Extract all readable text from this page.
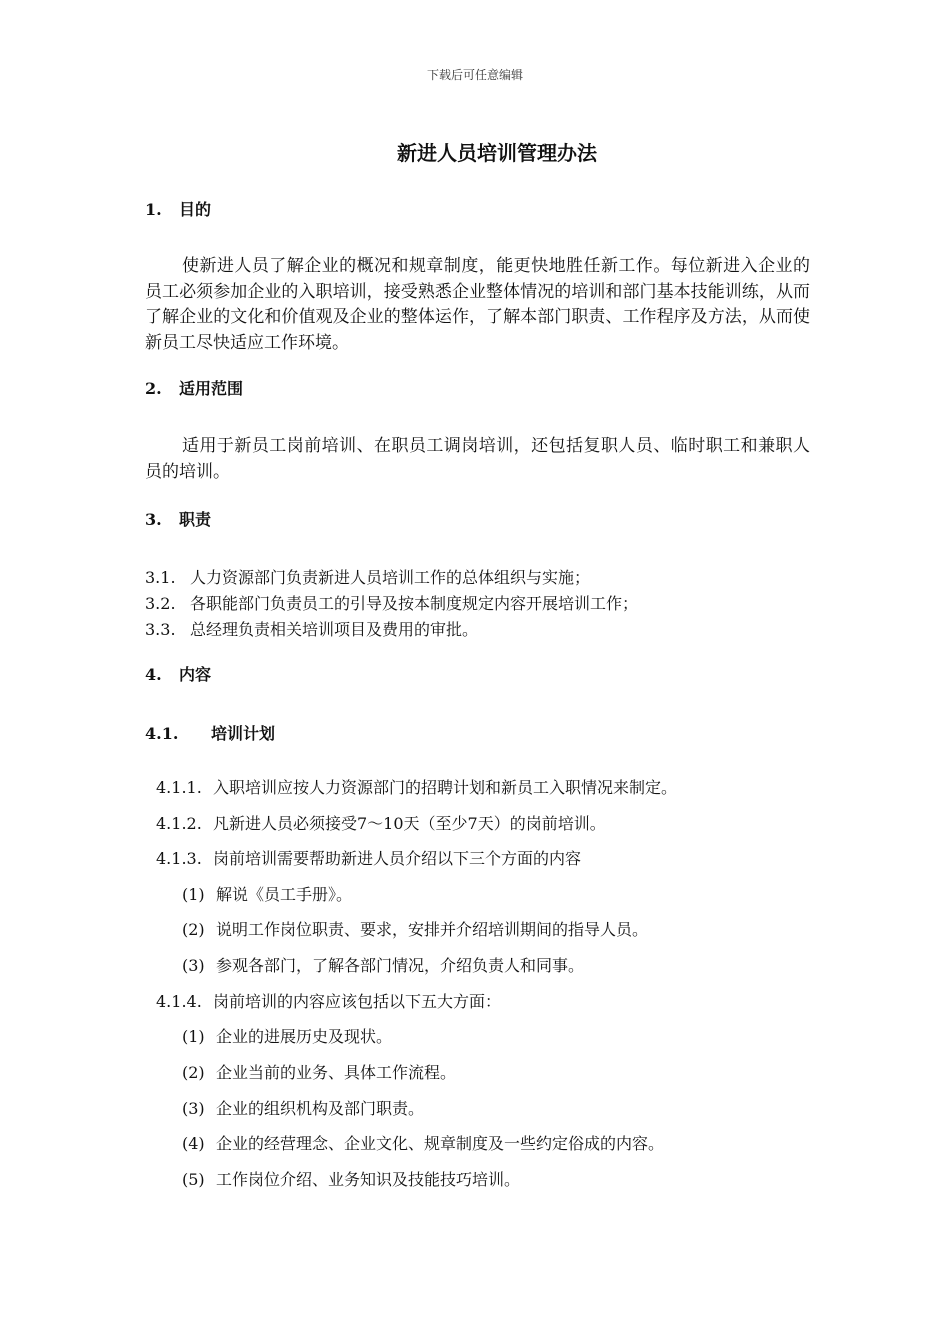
下载后可任意编辑
新进人员培训管理办法
1. 目的
使新进人员了解企业的概况和规章制度，能更快地胜任新工作。每位新进入企业的员工必须参加企业的入职培训，接受熟悉企业整体情况的培训和部门基本技能训练，从而了解企业的文化和价值观及企业的整体运作，了解本部门职责、工作程序及方法，从而使新员工尽快适应工作环境。
2. 适用范围
适用于新员工岗前培训、在职员工调岗培训，还包括复职人员、临时职工和兼职人员的培训。
3. 职责
3.1. 人力资源部门负责新进人员培训工作的总体组织与实施；
3.2. 各职能部门负责员工的引导及按本制度规定内容开展培训工作；
3.3. 总经理负责相关培训项目及费用的审批。
4. 内容
4.1. 培训计划
4.1.1. 入职培训应按人力资源部门的招聘计划和新员工入职情况来制定。
4.1.2. 凡新进人员必须接受7～10天（至少7天）的岗前培训。
4.1.3. 岗前培训需要帮助新进人员介绍以下三个方面的内容
(1) 解说《员工手册》。
(2) 说明工作岗位职责、要求，安排并介绍培训期间的指导人员。
(3) 参观各部门，了解各部门情况，介绍负责人和同事。
4.1.4. 岗前培训的内容应该包括以下五大方面：
(1) 企业的进展历史及现状。
(2) 企业当前的业务、具体工作流程。
(3) 企业的组织机构及部门职责。
(4) 企业的经营理念、企业文化、规章制度及一些约定俗成的内容。
(5) 工作岗位介绍、业务知识及技能技巧培训。
